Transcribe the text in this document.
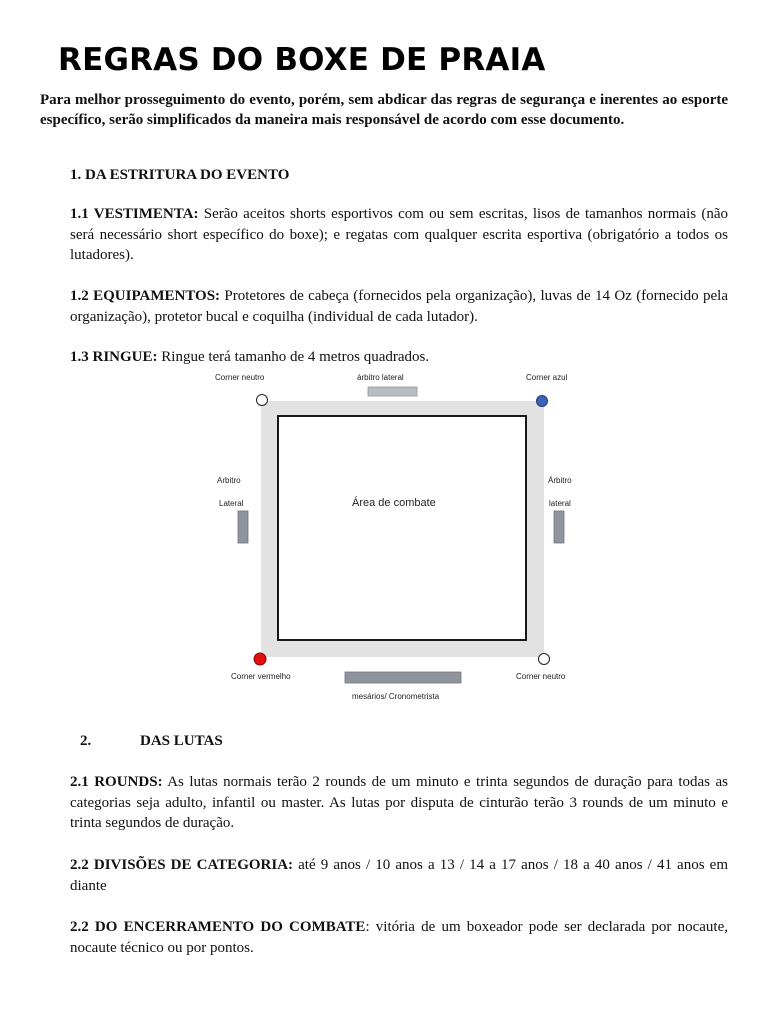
REGRAS DO BOXE DE PRAIA
Para melhor prosseguimento do evento, porém, sem abdicar das regras de segurança e inerentes ao esporte específico, serão simplificados da maneira mais responsável de acordo com esse documento.
1. DA ESTRITURA DO EVENTO
1.1 VESTIMENTA: Serão aceitos shorts esportivos com ou sem escritas, lisos de tamanhos normais (não será necessário short específico do boxe); e regatas com qualquer escrita esportiva (obrigatório a todos os lutadores).
1.2 EQUIPAMENTOS: Protetores de cabeça (fornecidos pela organização), luvas de 14 Oz (fornecido pela organização), protetor bucal e coquilha (individual de cada lutador).
1.3 RINGUE: Ringue terá tamanho de 4 metros quadrados.
Corner neutro	árbitro lateral	Corner azul
Arbitro
Lateral
Árbitro
lateral
Área de combate
Corner vermelho	Corner neutro
mesários/ Cronometrista
2.	DAS LUTAS
2.1 ROUNDS: As lutas normais terão 2 rounds de um minuto e trinta segundos de duração para todas as categorias seja adulto, infantil ou master. As lutas por disputa de cinturão terão 3 rounds de um minuto e trinta segundos de duração.
2.2 DIVISÕES DE CATEGORIA: até 9 anos / 10 anos a 13 / 14 a 17 anos / 18 a 40 anos / 41 anos em diante
2.2 DO ENCERRAMENTO DO COMBATE: vitória de um boxeador pode ser declarada por nocaute, nocaute técnico ou por pontos.
